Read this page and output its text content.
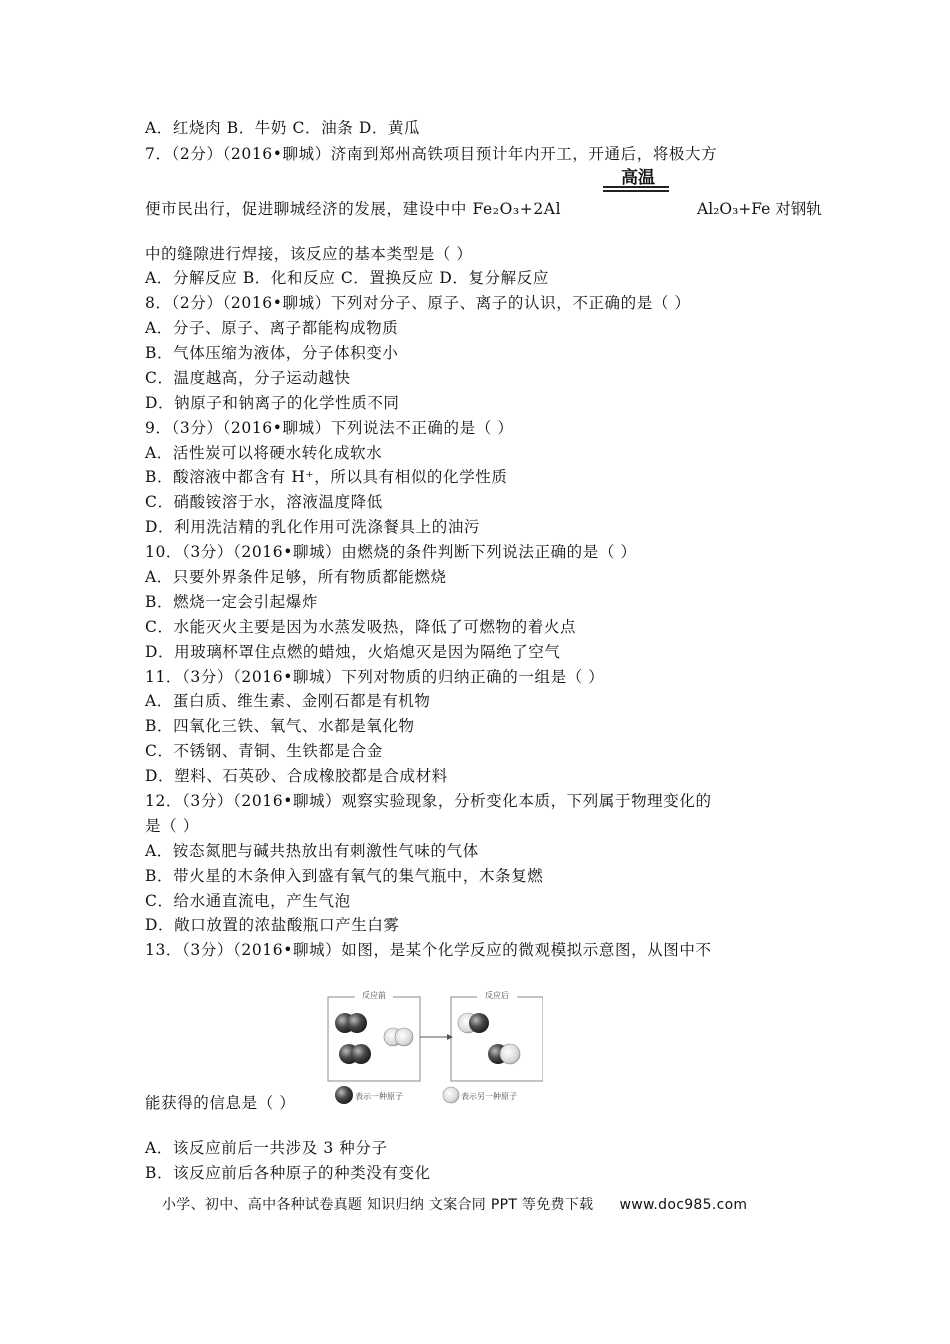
A．红烧肉 B．牛奶 C．油条 D．黄瓜
7．（2分）（2016•聊城）济南到郑州高铁项目预计年内开工，开通后，将极大方
高温
便市民出行，促进聊城经济的发展，建设中中 Fe₂O₃+2Al	Al₂O₃+Fe 对钢轨
中的缝隙进行焊接，该反应的基本类型是（ ）
A．分解反应 B．化和反应 C．置换反应 D．复分解反应
8．（2分）（2016•聊城）下列对分子、原子、离子的认识，不正确的是（ ）
A．分子、原子、离子都能构成物质
B．气体压缩为液体，分子体积变小
C．温度越高，分子运动越快
D．钠原子和钠离子的化学性质不同
9．（3分）（2016•聊城）下列说法不正确的是（ ）
A．活性炭可以将硬水转化成软水
B．酸溶液中都含有 H⁺，所以具有相似的化学性质
C．硝酸铵溶于水，溶液温度降低
D．利用洗洁精的乳化作用可洗涤餐具上的油污
10．（3分）（2016•聊城）由燃烧的条件判断下列说法正确的是（ ）
A．只要外界条件足够，所有物质都能燃烧
B．燃烧一定会引起爆炸
C．水能灭火主要是因为水蒸发吸热，降低了可燃物的着火点
D．用玻璃杯罩住点燃的蜡烛，火焰熄灭是因为隔绝了空气
11．（3分）（2016•聊城）下列对物质的归纳正确的一组是（ ）
A．蛋白质、维生素、金刚石都是有机物
B．四氧化三铁、氧气、水都是氧化物
C．不锈钢、青铜、生铁都是合金
D．塑料、石英砂、合成橡胶都是合成材料
12．（3分）（2016•聊城）观察实验现象，分析变化本质，下列属于物理变化的
是（ ）
A．铵态氮肥与碱共热放出有刺激性气味的气体
B．带火星的木条伸入到盛有氧气的集气瓶中，木条复燃
C．给水通直流电，产生气泡
D．敞口放置的浓盐酸瓶口产生白雾
13．（3分）（2016•聊城）如图，是某个化学反应的微观模拟示意图，从图中不
反应前	反应后
表示一种原子	表示另一种原子
能获得的信息是（ ）
A．该反应前后一共涉及 3 种分子
B．该反应前后各种原子的种类没有变化
小学、初中、高中各种试卷真题 知识归纳 文案合同 PPT 等免费下载 www.doc985.com
